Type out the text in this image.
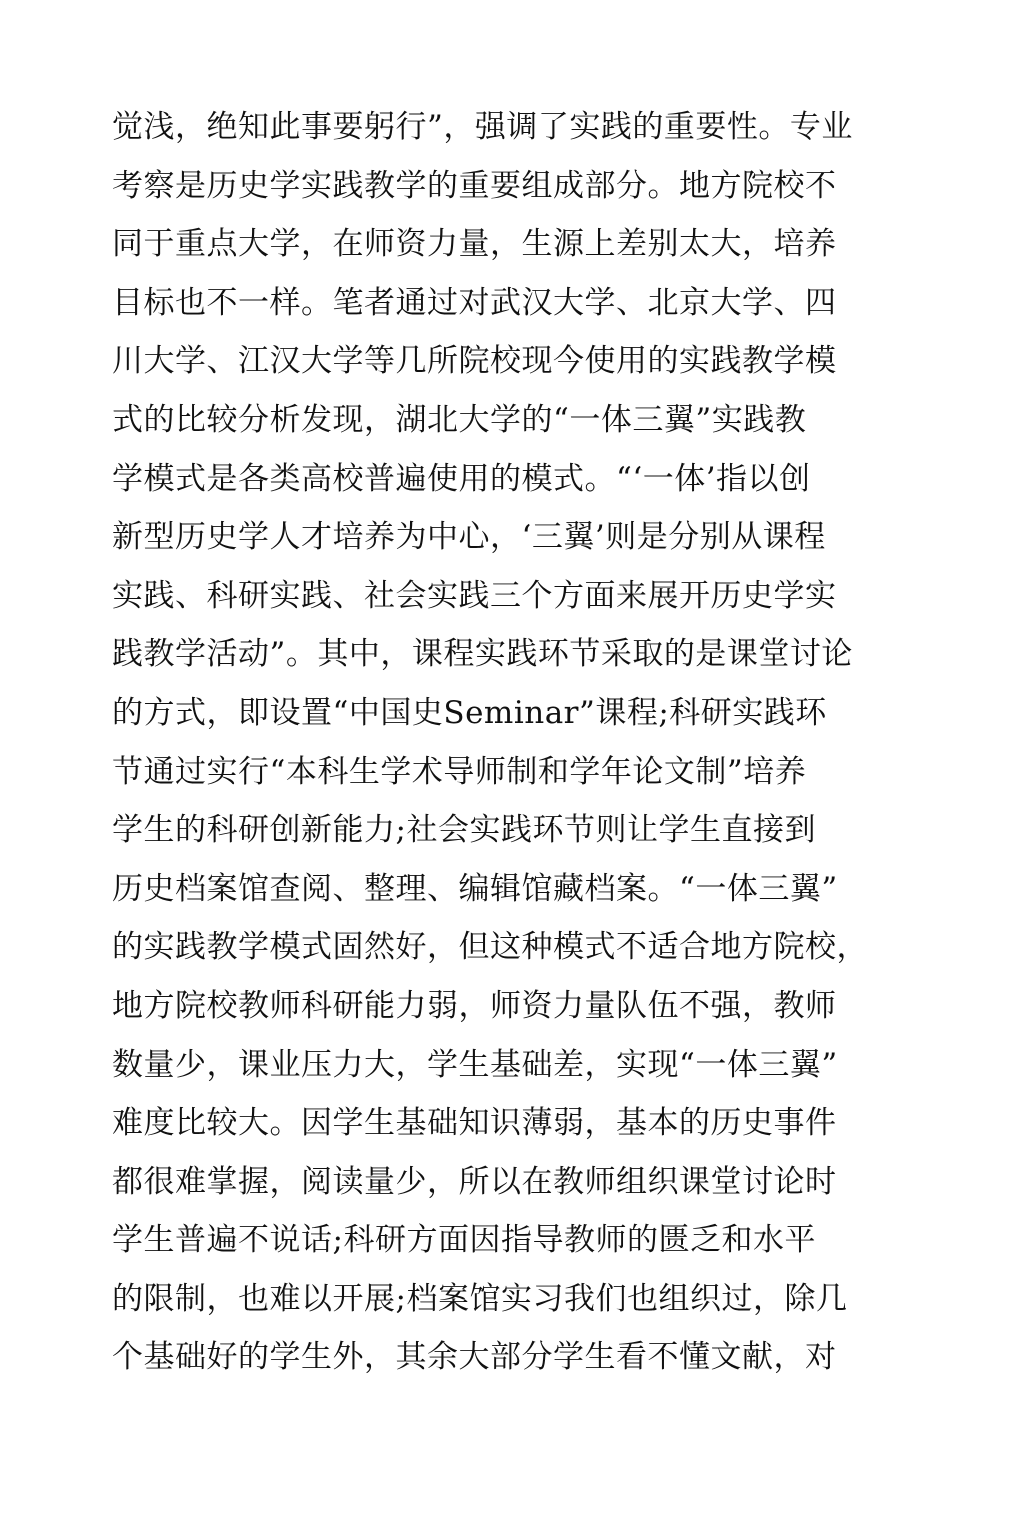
觉浅，绝知此事要躬行”，强调了实践的重要性。专业
考察是历史学实践教学的重要组成部分。地方院校不
同于重点大学，在师资力量，生源上差别太大，培养
目标也不一样。笔者通过对武汉大学、北京大学、四
川大学、江汉大学等几所院校现今使用的实践教学模
式的比较分析发现，湖北大学的“一体三翼”实践教
学模式是各类高校普遍使用的模式。“‘一体’指以创
新型历史学人才培养为中心，‘三翼’则是分别从课程
实践、科研实践、社会实践三个方面来展开历史学实
践教学活动”。其中，课程实践环节采取的是课堂讨论
的方式，即设置“中国史Seminar”课程;科研实践环
节通过实行“本科生学术导师制和学年论文制”培养
学生的科研创新能力;社会实践环节则让学生直接到
历史档案馆查阅、整理、编辑馆藏档案。“一体三翼”
的实践教学模式固然好，但这种模式不适合地方院校，
地方院校教师科研能力弱，师资力量队伍不强，教师
数量少，课业压力大，学生基础差，实现“一体三翼”
难度比较大。因学生基础知识薄弱，基本的历史事件
都很难掌握，阅读量少，所以在教师组织课堂讨论时
学生普遍不说话;科研方面因指导教师的匮乏和水平
的限制，也难以开展;档案馆实习我们也组织过，除几
个基础好的学生外，其余大部分学生看不懂文献，对
